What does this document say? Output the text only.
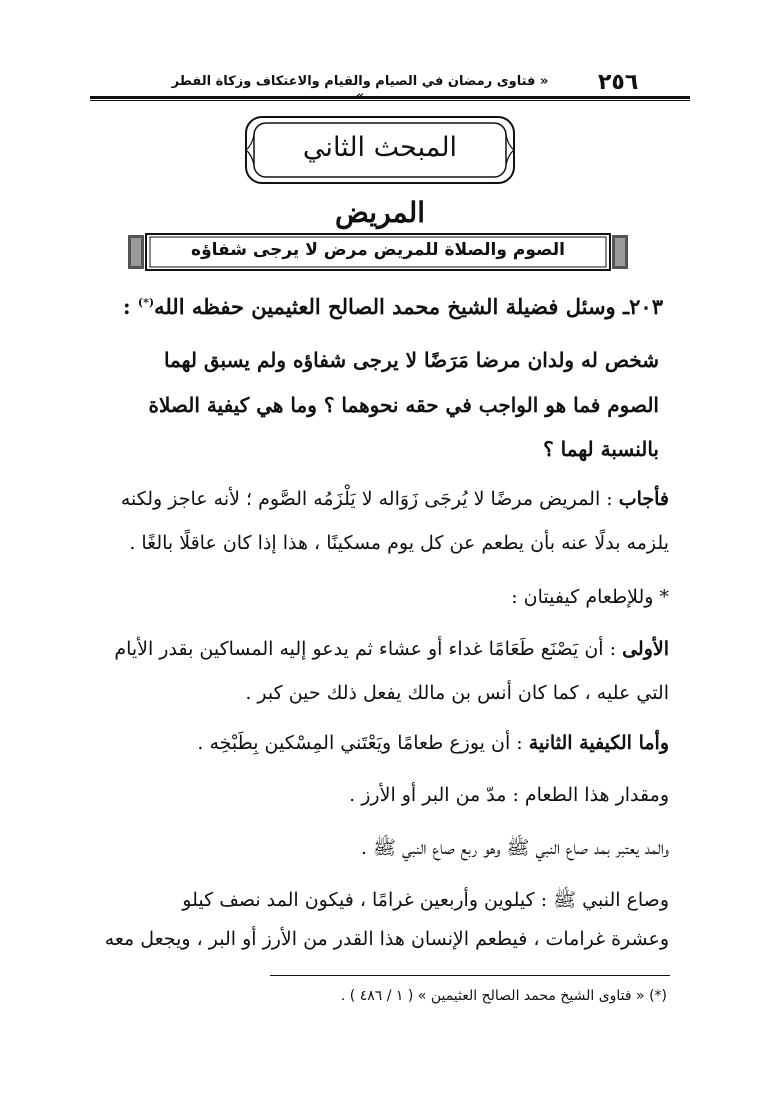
٢٥٦
« فتاوى رمضان في الصيام والقيام والاعتكاف وزكاة الفطر
المبحث الثاني
المريض
الصوم والصلاة للمريض مرض لا يرجى شفاؤه
٢٠٣ـ وسئل فضيلة الشيخ محمد الصالح العثيمين حفظه الله(*) :
شخص له ولدان مرضا مَرَضًا لا يرجى شفاؤه ولم يسبق لهما
الصوم فما هو الواجب في حقه نحوهما ؟ وما هي كيفية الصلاة
بالنسبة لهما ؟
فأجاب : المريض مرضًا لا يُرجَى زَوَاله لا يَلْزَمُه الصَّوم ؛ لأنه عاجز ولكنه
يلزمه بدلًا عنه بأن يطعم عن كل يوم مسكينًا ، هذا إذا كان عاقلًا بالغًا .
* وللإطعام كيفيتان :
الأولى : أن يَصْنَع طَعَامًا غداء أو عشاء ثم يدعو إليه المساكين بقدر الأيام
التي عليه ، كما كان أنس بن مالك يفعل ذلك حين كبر .
وأما الكيفية الثانية : أن يوزع طعامًا ويَعْتَني المِسْكين بِطَبْخِه .
ومقدار هذا الطعام : مدّ من البر أو الأرز .
والمد يعتبر بمد صاع النبي ﷺ وهو ربع صاع النبي ﷺ .
وصاع النبي ﷺ : كيلوين وأربعين غرامًا ، فيكون المد نصف كيلو
وعشرة غرامات ، فيطعم الإنسان هذا القدر من الأرز أو البر ، ويجعل معه
(*) « فتاوى الشيخ محمد الصالح العثيمين » ( ١ / ٤٨٦ ) .
